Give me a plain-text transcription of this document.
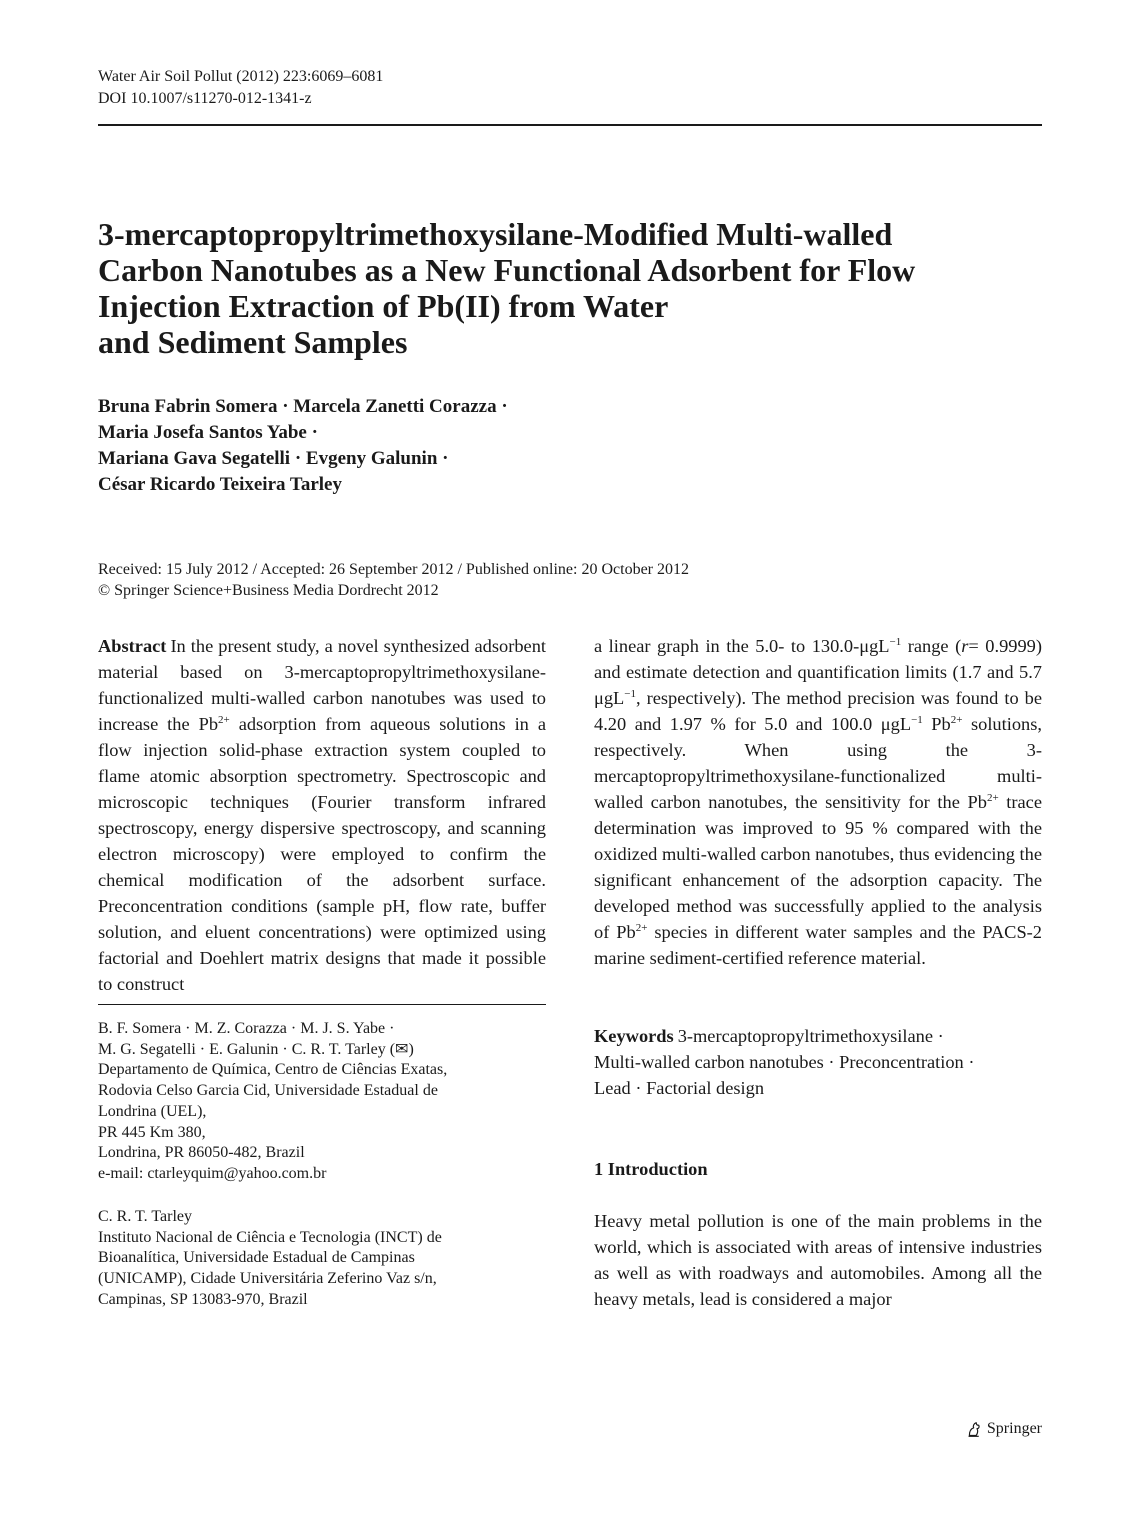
Water Air Soil Pollut (2012) 223:6069–6081
DOI 10.1007/s11270-012-1341-z
3-mercaptopropyltrimethoxysilane-Modified Multi-walled
Carbon Nanotubes as a New Functional Adsorbent for Flow
Injection Extraction of Pb(II) from Water
and Sediment Samples
Bruna Fabrin Somera · Marcela Zanetti Corazza ·
Maria Josefa Santos Yabe ·
Mariana Gava Segatelli · Evgeny Galunin ·
César Ricardo Teixeira Tarley
Received: 15 July 2012 / Accepted: 26 September 2012 / Published online: 20 October 2012
© Springer Science+Business Media Dordrecht 2012
Abstract In the present study, a novel synthesized adsorbent material based on 3-mercaptopropyltrimethoxysilane-functionalized multi-walled carbon nanotubes was used to increase the $Pb^{2+}$ adsorption from aqueous solutions in a flow injection solid-phase extraction system coupled to flame atomic absorption spectrometry. Spectroscopic and microscopic techniques (Fourier transform infrared spectroscopy, energy dispersive spectroscopy, and scanning electron microscopy) were employed to confirm the chemical modification of the adsorbent surface. Preconcentration conditions (sample pH, flow rate, buffer solution, and eluent concentrations) were optimized using factorial and Doehlert matrix designs that made it possible to construct
B. F. Somera · M. Z. Corazza · M. J. S. Yabe ·
M. G. Segatelli · E. Galunin · C. R. T. Tarley (✉)
Departamento de Química, Centro de Ciências Exatas,
Rodovia Celso Garcia Cid, Universidade Estadual de
Londrina (UEL),
PR 445 Km 380,
Londrina, PR 86050-482, Brazil
e-mail: ctarleyquim@yahoo.com.br
C. R. T. Tarley
Instituto Nacional de Ciência e Tecnologia (INCT) de
Bioanalítica, Universidade Estadual de Campinas
(UNICAMP), Cidade Universitária Zeferino Vaz s/n,
Campinas, SP 13083-970, Brazil
a linear graph in the 5.0- to 130.0-μgL$^{-1}$ range (r= 0.9999) and estimate detection and quantification limits (1.7 and 5.7 μgL$^{-1}$, respectively). The method precision was found to be 4.20 and 1.97 % for 5.0 and 100.0 μgL$^{-1}$ $Pb^{2+}$ solutions, respectively. When using the 3-mercaptopropyltrimethoxysilane-functionalized multi-walled carbon nanotubes, the sensitivity for the $Pb^{2+}$ trace determination was improved to 95 % compared with the oxidized multi-walled carbon nanotubes, thus evidencing the significant enhancement of the adsorption capacity. The developed method was successfully applied to the analysis of $Pb^{2+}$ species in different water samples and the PACS-2 marine sediment-certified reference material.
Keywords 3-mercaptopropyltrimethoxysilane ·
Multi-walled carbon nanotubes · Preconcentration ·
Lead · Factorial design
1 Introduction
Heavy metal pollution is one of the main problems in the world, which is associated with areas of intensive industries as well as with roadways and automobiles. Among all the heavy metals, lead is considered a major
Springer
